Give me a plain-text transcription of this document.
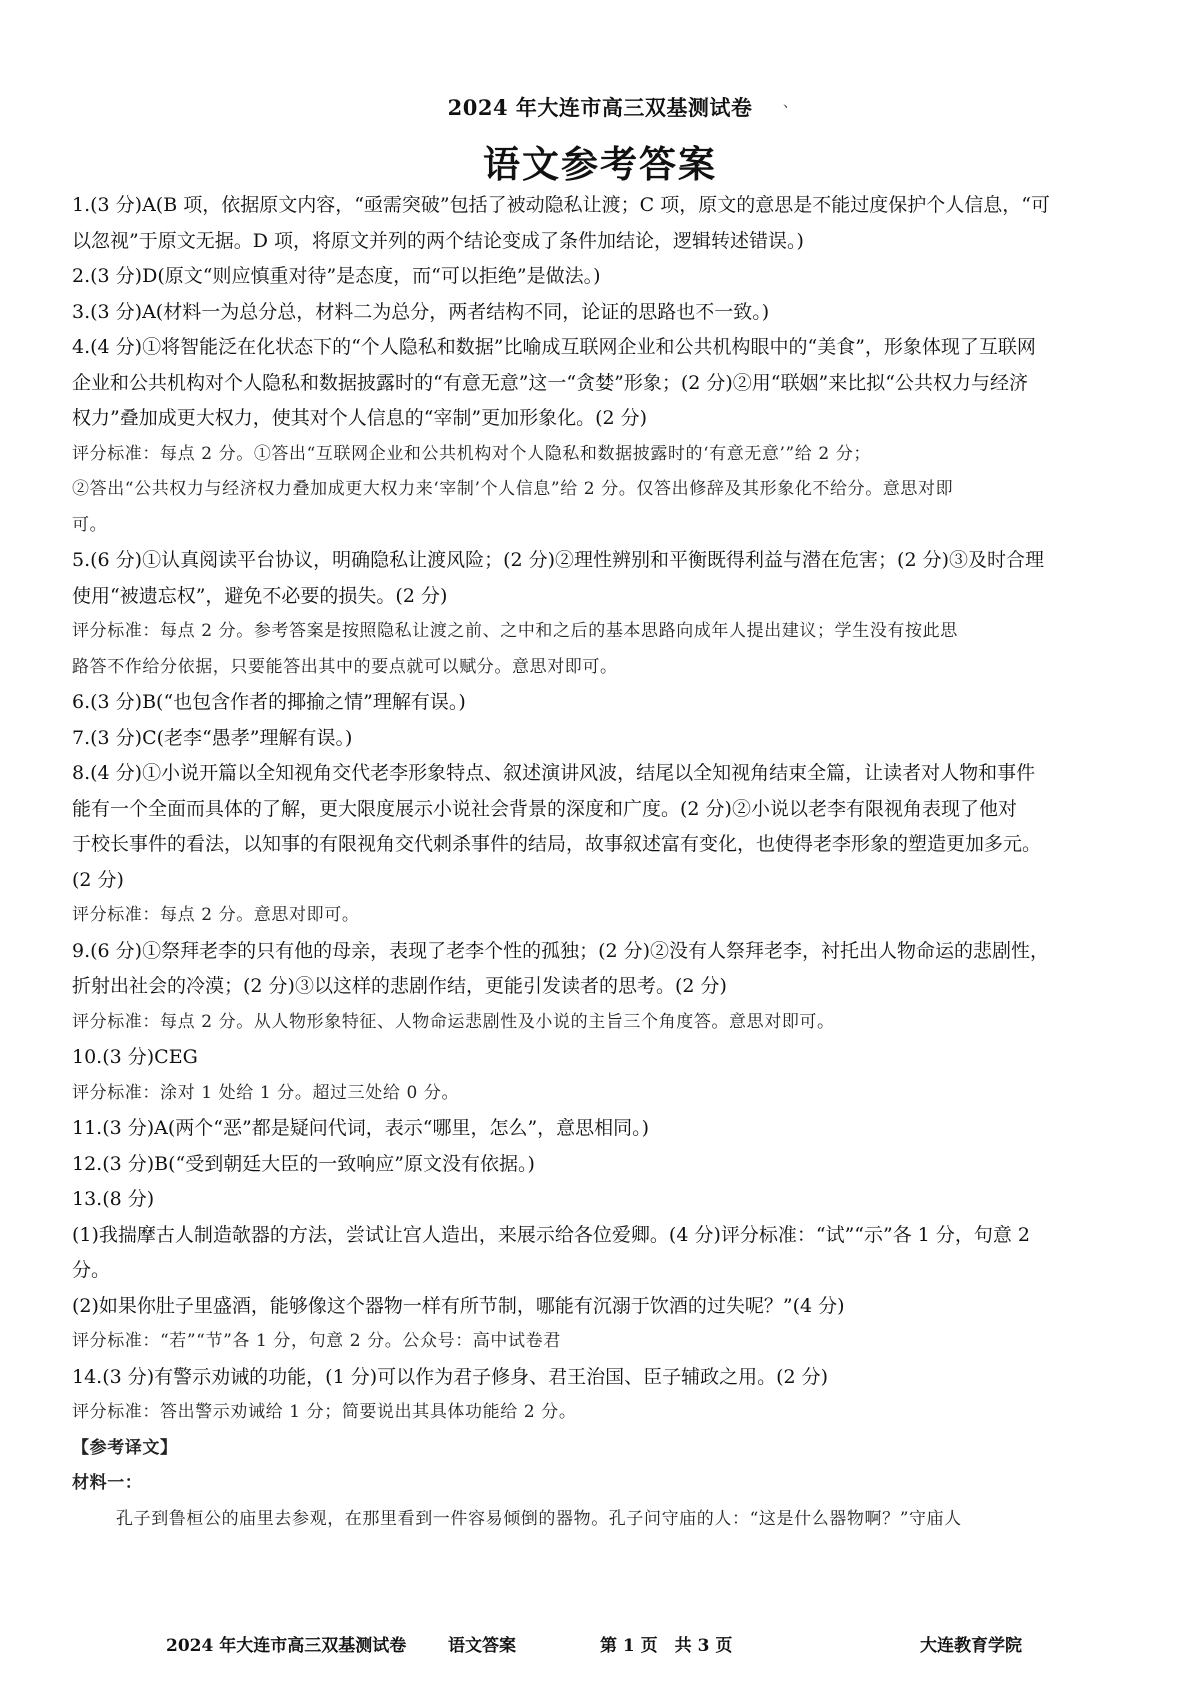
2024 年大连市高三双基测试卷	、
语文参考答案
1.(3 分)A(B 项，依据原文内容，“亟需突破”包括了被动隐私让渡；C 项，原文的意思是不能过度保护个人信息，“可
以忽视”于原文无据。D 项，将原文并列的两个结论变成了条件加结论，逻辑转述错误。)
2.(3 分)D(原文“则应慎重对待”是态度，而“可以拒绝”是做法。)
3.(3 分)A(材料一为总分总，材料二为总分，两者结构不同，论证的思路也不一致。)
4.(4 分)①将智能泛在化状态下的“个人隐私和数据”比喻成互联网企业和公共机构眼中的“美食”，形象体现了互联网
企业和公共机构对个人隐私和数据披露时的“有意无意”这一“贪婪”形象；(2 分)②用“联姻”来比拟“公共权力与经济
权力”叠加成更大权力，使其对个人信息的“宰制”更加形象化。(2 分)
评分标准：每点 2 分。①答出“互联网企业和公共机构对个人隐私和数据披露时的‘有意无意’”给 2 分；
②答出“公共权力与经济权力叠加成更大权力来‘宰制’个人信息”给 2 分。仅答出修辞及其形象化不给分。意思对即
可。
5.(6 分)①认真阅读平台协议，明确隐私让渡风险；(2 分)②理性辨别和平衡既得利益与潜在危害；(2 分)③及时合理
使用“被遗忘权”，避免不必要的损失。(2 分)
评分标准：每点 2 分。参考答案是按照隐私让渡之前、之中和之后的基本思路向成年人提出建议；学生没有按此思
路答不作给分依据，只要能答出其中的要点就可以赋分。意思对即可。
6.(3 分)B(“也包含作者的揶揄之情”理解有误。)
7.(3 分)C(老李“愚孝”理解有误。)
8.(4 分)①小说开篇以全知视角交代老李形象特点、叙述演讲风波，结尾以全知视角结束全篇，让读者对人物和事件
能有一个全面而具体的了解，更大限度展示小说社会背景的深度和广度。(2 分)②小说以老李有限视角表现了他对
于校长事件的看法，以知事的有限视角交代刺杀事件的结局，故事叙述富有变化，也使得老李形象的塑造更加多元。
(2 分)
评分标准：每点 2 分。意思对即可。
9.(6 分)①祭拜老李的只有他的母亲，表现了老李个性的孤独；(2 分)②没有人祭拜老李，衬托出人物命运的悲剧性，
折射出社会的冷漠；(2 分)③以这样的悲剧作结，更能引发读者的思考。(2 分)
评分标准：每点 2 分。从人物形象特征、人物命运悲剧性及小说的主旨三个角度答。意思对即可。
10.(3 分)CEG
评分标准：涂对 1 处给 1 分。超过三处给 0 分。
11.(3 分)A(两个“恶”都是疑问代词，表示“哪里，怎么”，意思相同。)
12.(3 分)B(“受到朝廷大臣的一致响应”原文没有依据。)
13.(8 分)
(1)我揣摩古人制造欹器的方法，尝试让宫人造出，来展示给各位爱卿。(4 分)评分标准：“试”“示”各 1 分，句意 2
分。
(2)如果你肚子里盛酒，能够像这个器物一样有所节制，哪能有沉溺于饮酒的过失呢？”(4 分)
评分标准：“若”“节”各 1 分，句意 2 分。公众号：高中试卷君
14.(3 分)有警示劝诫的功能，(1 分)可以作为君子修身、君王治国、臣子辅政之用。(2 分)
评分标准：答出警示劝诫给 1 分；简要说出其具体功能给 2 分。
【参考译文】
材料一：
孔子到鲁桓公的庙里去参观，在那里看到一件容易倾倒的器物。孔子问守庙的人：“这是什么器物啊？”守庙人
2024 年大连市高三双基测试卷 语文答案	第 1 页　共 3 页	大连教育学院
